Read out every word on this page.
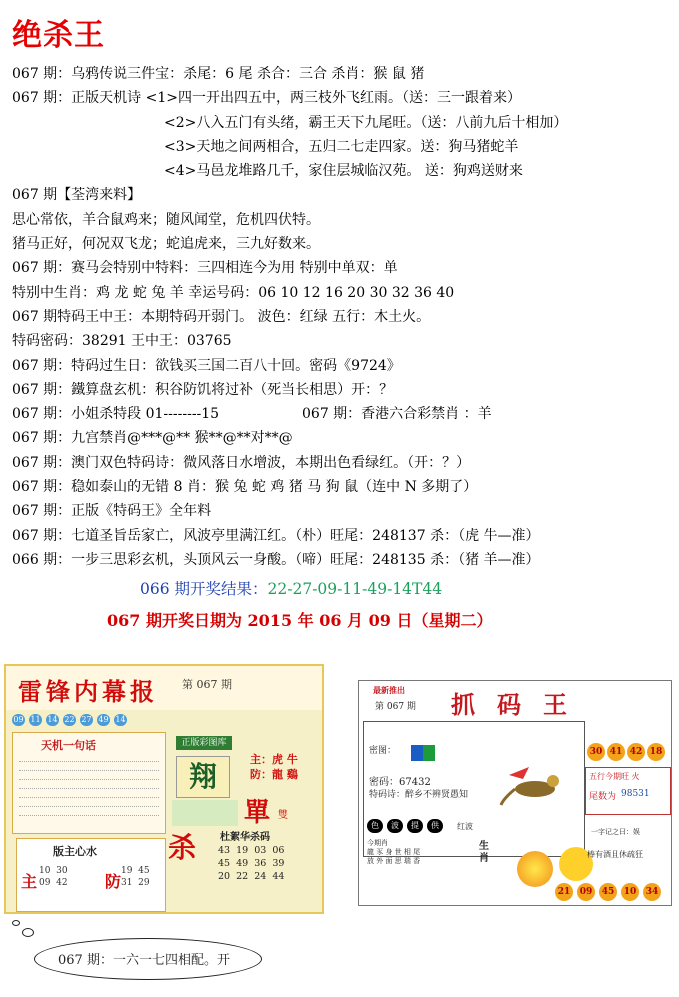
绝杀王
067 期：乌鸦传说三件宝：杀尾：6 尾 杀合：三合 杀肖：猴 鼠 猪
067 期：正版天机诗 <1>四一开出四五中，两三枝外飞红雨。（送：三一跟着来）
<2>八入五门有头绪，霸王天下九尾旺。（送：八前九后十相加）
<3>天地之间两相合，五归二七走四家。送：狗马猪蛇羊
<4>马邑龙堆路几千，家住层城临汉苑。 送：狗鸡送财来
067 期【荃湾来料】
思心常依，羊合鼠鸡来；随风闻堂，危机四伏特。
猪马正好，何况双飞龙；蛇追虎来，三九好数来。
067 期：赛马会特别中特料：三四相连今为用 特别中单双：单
特别中生肖：鸡 龙 蛇 兔 羊 幸运号码：06 10 12 16 20 30 32 36 40
067 期特码王中王：本期特码开弱门。 波色：红绿 五行：木土火。
特码密码：38291 王中王：03765
067 期：特码过生日：欲钱买三国二百八十回。密码《9724》
067 期：鐵算盘玄机：积谷防饥将过补（死当长相思）开：？
067 期：小姐杀特段 01--------15	067 期：香港六合彩禁肖 ：羊
067 期：九宫禁肖@***@** 猴**@**对**@
067 期：澳门双色特码诗：微风落日水增波，本期出色看绿红。（开：？）
067 期：稳如泰山的无错 8 肖：猴 兔 蛇 鸡 猪 马 狗 鼠（连中 N 多期了）
067 期：正版《特码王》全年料
067 期：七道圣旨岳家亡，风波亭里满江红。（朴）旺尾：248137 杀：（虎 牛—准）
066 期：一步三思彩玄机，头顶风云一身酸。（啼）旺尾：248135 杀：（猪 羊—准）
066 期开奖结果：22-27-09-11-49-14T44
067 期开奖日期为 2015 年 06 月 09 日（星期二）
雷锋内幕报 第 067 期
09 11 14 22 27 49 14
天机一句话	正版彩图库
翔
主：虎 牛
防：龍 鷄
單 雙
版主心水
主
10  30
09  42 防
19  45
31  29
杀 杜絮华杀码
43  19  03  06
45  49  36  39
20  22  24  44
最新推出
第 067 期 抓码王
密图：
密码：67432
特码诗：醉乡不辨贤愚知
30 41 42 18
五行今期旺 火
尾数为 98531
色	波	提	供	红波
今期肖
龍 豕 身 世 相 尾
放 外 面 思 瑞 香
生
肖
一字记之曰：娱
棒有酒且休疏狂
21	09	45	10	34
067 期：一六一七四相配。开
